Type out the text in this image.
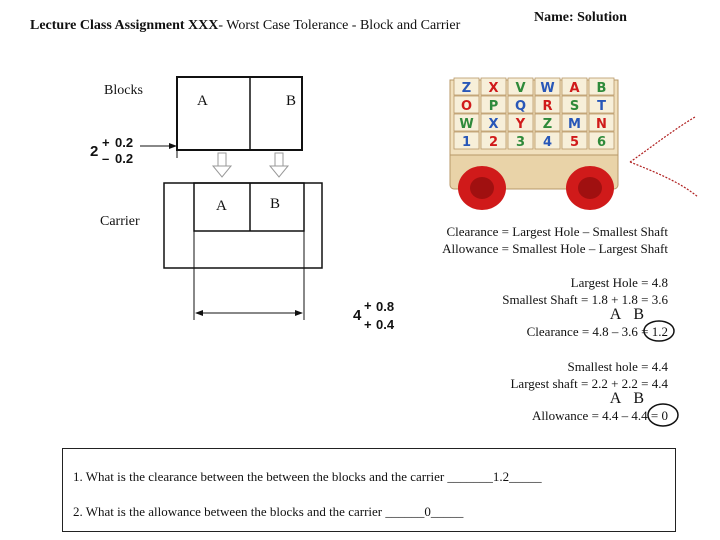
Lecture Class Assignment XXX- Worst Case Tolerance - Block and Carrier
Name: Solution
Blocks
Carrier
A	B
A	B
2
+ 0.2
– 0.2
4
+ 0.8
+ 0.4
Z X V W A B
O P Q R S T
W X Y Z M N
1 2 3 4 5 6
Clearance = Largest Hole – Smallest Shaft
Allowance = Smallest Hole – Largest Shaft
Largest Hole = 4.8
Smallest Shaft = 1.8 + 1.8 = 3.6
AB
Clearance = 4.8 – 3.6 = 1.2
Smallest hole = 4.4
Largest shaft = 2.2 + 2.2 = 4.4
AB
Allowance = 4.4 – 4.4 = 0
1. What is the clearance between the between the blocks and the carrier _______1.2_____
2. What is the allowance between the blocks and the carrier ______0_____
